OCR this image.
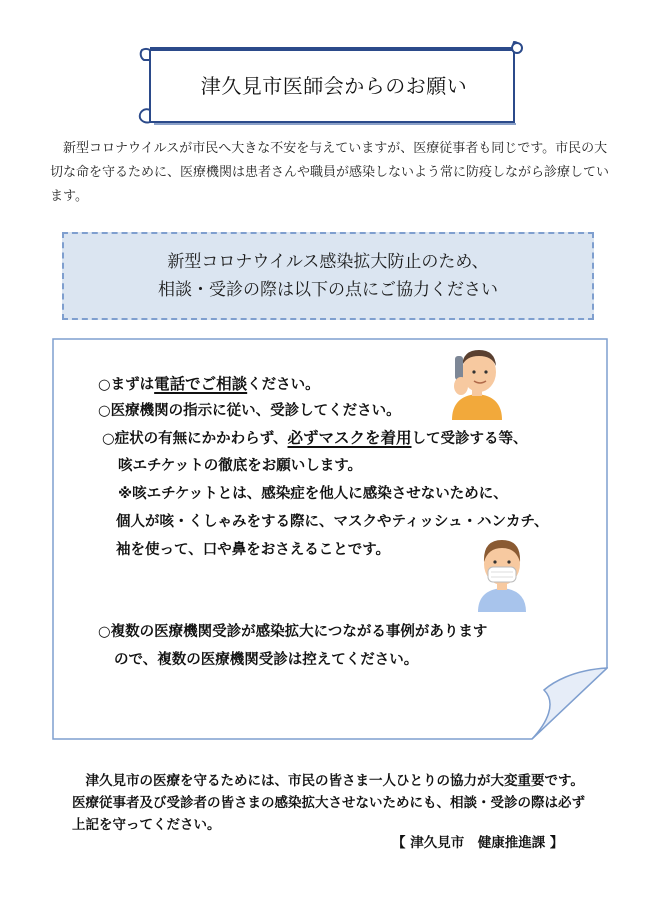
津久見市医師会からのお願い
新型コロナウイルスが市民へ大きな不安を与えていますが、医療従事者も同じです。市民の大切な命を守るために、医療機関は患者さんや職員が感染しないよう常に防疫しながら診療しています。
新型コロナウイルス感染拡大防止のため、
相談・受診の際は以下の点にご協力ください
○まずは電話でご相談ください。
○医療機関の指示に従い、受診してください。
○症状の有無にかかわらず、必ずマスクを着用して受診する等、
咳エチケットの徹底をお願いします。
※咳エチケットとは、感染症を他人に感染させないために、
個人が咳・くしゃみをする際に、マスクやティッシュ・ハンカチ、
袖を使って、口や鼻をおさえることです。
○複数の医療機関受診が感染拡大につながる事例があります
ので、複数の医療機関受診は控えてください。
津久見市の医療を守るためには、市民の皆さま一人ひとりの協力が大変重要です。医療従事者及び受診者の皆さまの感染拡大させないためにも、相談・受診の際は必ず上記を守ってください。
【 津久見市　健康推進課 】
